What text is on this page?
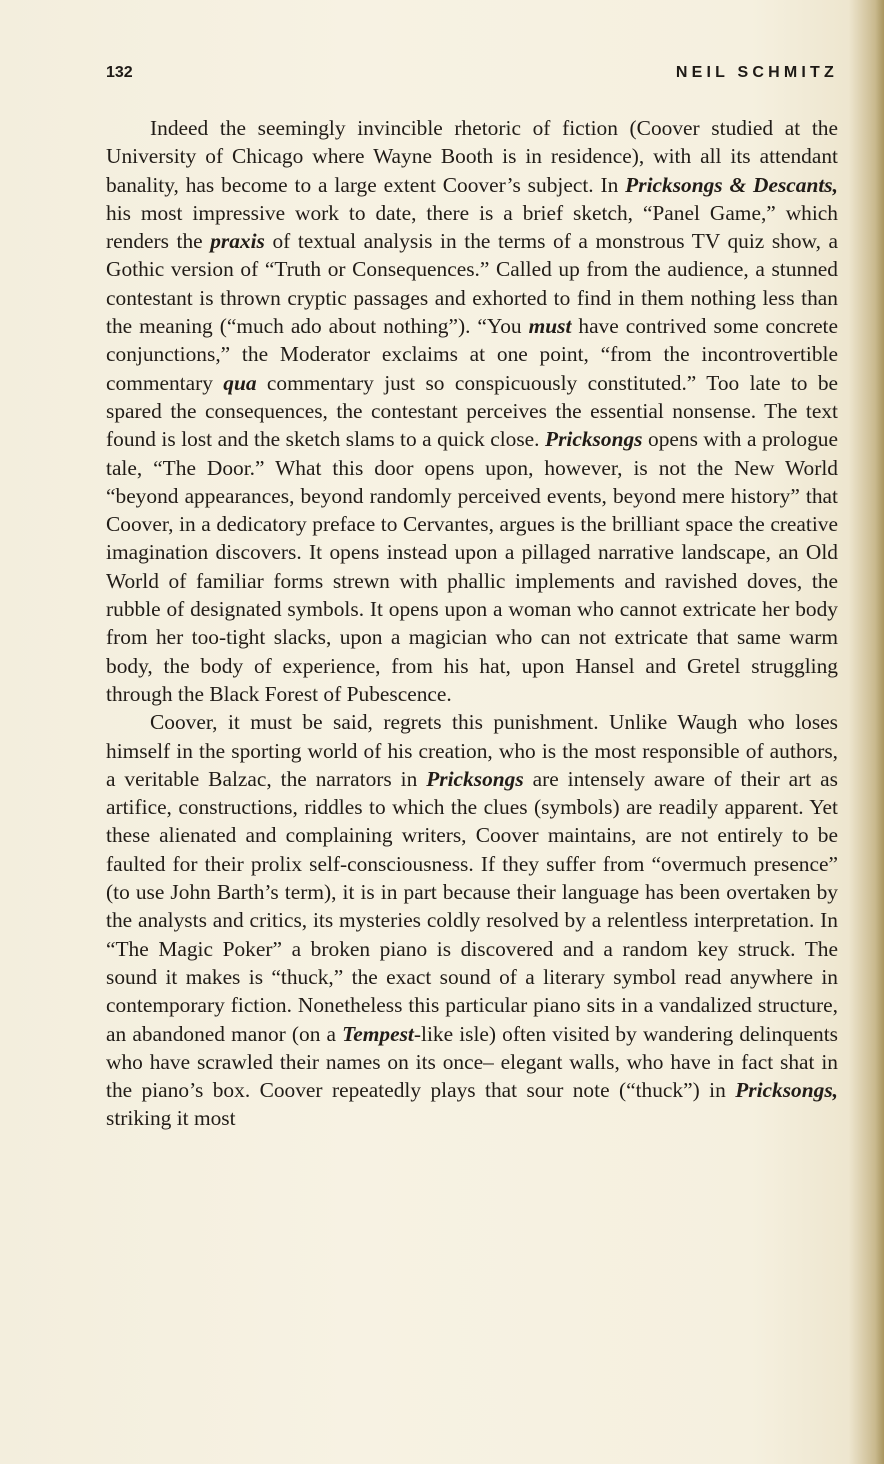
132	NEIL SCHMITZ

Indeed the seemingly invincible rhetoric of fiction (Coover studied at the University of Chicago where Wayne Booth is in residence), with all its attendant banality, has become to a large extent Coover’s subject. In Pricksongs & Descants, his most impressive work to date, there is a brief sketch, “Panel Game,” which renders the praxis of textual analysis in the terms of a monstrous TV quiz show, a Gothic version of “Truth or Consequences.” Called up from the audience, a stunned contestant is thrown cryptic passages and exhorted to find in them nothing less than the meaning (“much ado about nothing”). “You must have contrived some concrete conjunctions,” the Moderator exclaims at one point, “from the incontrovertible commentary qua commentary just so conspicuously constituted.” Too late to be spared the consequences, the contestant perceives the essential nonsense. The text found is lost and the sketch slams to a quick close. Pricksongs opens with a prologue tale, “The Door.” What this door opens upon, however, is not the New World “beyond appearances, beyond randomly perceived events, beyond mere history” that Coover, in a dedicatory preface to Cervantes, argues is the brilliant space the creative imagination discovers. It opens instead upon a pillaged narrative landscape, an Old World of familiar forms strewn with phallic implements and ravished doves, the rubble of designated symbols. It opens upon a woman who cannot extricate her body from her too-tight slacks, upon a magician who can not extricate that same warm body, the body of experience, from his hat, upon Hansel and Gretel struggling through the Black Forest of Pubescence.

Coover, it must be said, regrets this punishment. Unlike Waugh who loses himself in the sporting world of his creation, who is the most responsible of authors, a veritable Balzac, the narrators in Pricksongs are intensely aware of their art as artifice, constructions, riddles to which the clues (symbols) are readily apparent. Yet these alienated and complaining writers, Coover maintains, are not entirely to be faulted for their prolix self-consciousness. If they suffer from “overmuch presence” (to use John Barth’s term), it is in part because their language has been overtaken by the analysts and critics, its mysteries coldly resolved by a relentless interpretation. In “The Magic Poker” a broken piano is discovered and a random key struck. The sound it makes is “thuck,” the exact sound of a literary symbol read anywhere in contemporary fiction. Nonetheless this particular piano sits in a vandalized structure, an abandoned manor (on a Tempest-like isle) often visited by wandering delinquents who have scrawled their names on its once– elegant walls, who have in fact shat in the piano’s box. Coover repeatedly plays that sour note (“thuck”) in Pricksongs, striking it most
